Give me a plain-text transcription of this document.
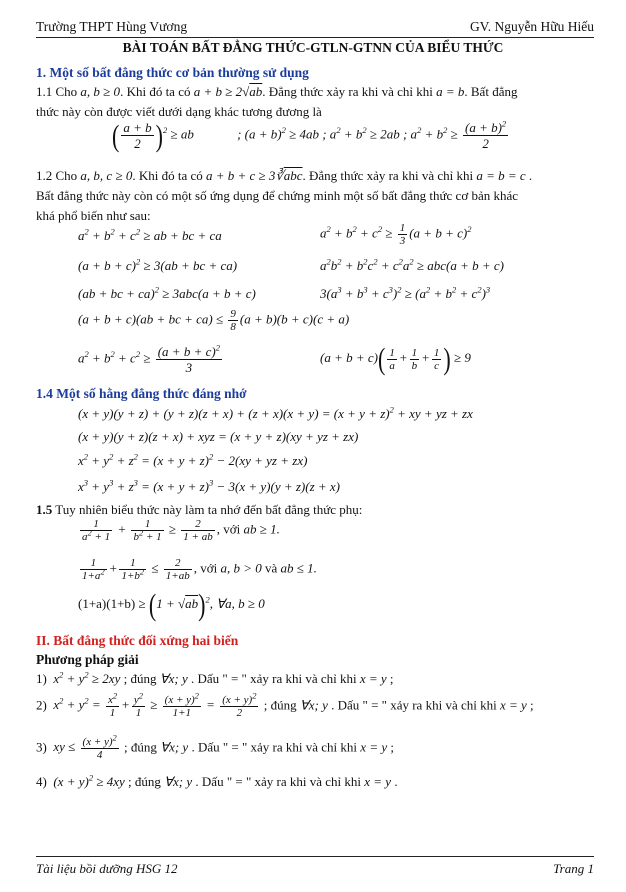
Trường THPT Hùng Vương	GV. Nguyễn Hữu Hiếu
BÀI TOÁN BẤT ĐẲNG THỨC-GTLN-GTNN CỦA BIỂU THỨC
1. Một số bất đẳng thức cơ bản thường sử dụng
1.1 Cho a, b ≥ 0. Khi đó ta có a + b ≥ 2√ab. Đẳng thức xảy ra khi và chỉ khi a = b. Bất đẳng
thức này còn được viết dưới dạng khác tương đương là
( $\frac{a + b}{2} )^2$ ≥ ab	; $(a + b)^2 \ge 4ab$ ; $a^2 + b^2 \ge 2ab$ ; $a^2 + b^2 \ge \frac{(a + b)^2}{2}$
1.2 Cho a, b, c ≥ 0. Khi đó ta có $a + b + c \ge 3∛\overline{abc}$. Đẳng thức xảy ra khi và chỉ khi a = b = c .
Bất đẳng thức này còn có một số ứng dụng để chứng minh một số bất đẳng thức cơ bản khác
khá phổ biến như sau:
$a^2 + b^2 + c^2$ ≥ ab + bc + ca	$a^2 + b^2 + c^2 \ge \frac{1}{3} (a + b + c)^2$
$(a + b + c)^2 \ge 3(ab$ + bc + ca)	$a^2b^2 + b^2c^2 + c^2a^2 \ge abc(a + b + c)$
(ab + bc + ca)$^2$ ≥ 3abc(a + b + c)	$3(a^3 + b^3 + c^3)^2 \ge (a^2 + b^2 + c^2)^3$
(a + b + c)(ab + bc + $ca) \le \frac{9}{8} (a + b)(b + c)(c + a)$
$a^2 + b^2 + c^2 \ge \frac{(a + b + c)^2}{3}$	$(a + b + c)( \frac{1}{a} + \frac{1}{b} + \frac{1}{c}$ ) ≥ 9
1.4 Một số hằng đẳng thức đáng nhớ
$(x + y)(y + z) + (y + z)(z + x) + (z + x)(x + y) = (x + y + z)^2$ + xy + yz + zx
(x + y)(y + z)(z + x) + xyz = (x + y + z)(xy + yz + zx)
$x^2 + y^2 + z^2 = (x + y + z)^2 - 2(xy$ + yz + zx)
$x^3 + y^3 + z^3 = (x + y + z)^3 - 3(x + y)(y + z)(z + x)$
1.5 Tuy nhiên biểu thức này làm ta nhớ đến bất đẳng thức phụ:
$\frac{1}{a^2 + 1} + \frac{1}{b^2 + 1} \ge \frac{2}{1 + ab}$ , với ab ≥ 1.
$\frac{1}{1+a^2} + \frac{1}{1+b^2} \le \frac{2}{1+ab}$ , với a, b > 0 và ab ≤ 1.
$(1+a)(1+b) \ge (1 + √ab)^2$, ∀a, b ≥ 0
II. Bất đẳng thức đối xứng hai biến
Phương pháp giải
1)  $x^2 + y^2 \ge 2xy$ ; đúng ∀x; y . Dấu " = " xảy ra khi và chỉ khi x = y ;
2)  $x^2 + y^2 = \frac{x^2}{1} + \frac{y^2}{1} \ge \frac{(x + y)^2}{1+1} = \frac{(x + y)^2}{2}$ ; đúng ∀x; y . Dấu " = " xảy ra khi và chỉ khi x = y ;
3)  xy ≤ $\frac{(x + y)^2}{4}$ ; đúng ∀x; y . Dấu " = " xảy ra khi và chỉ khi x = y ;
4)  $(x + y)^2 \ge 4xy$ ; đúng ∀x; y . Dấu " = " xảy ra khi và chỉ khi x = y .
Tài liệu bồi dưỡng HSG 12	Trang 1
